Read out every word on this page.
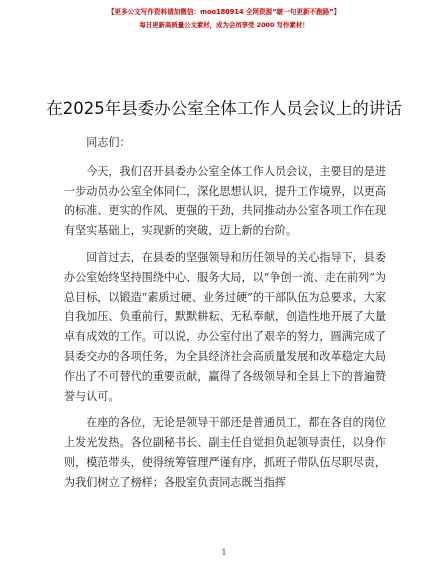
【更多公文写作资料请加微信：moo180914 全网资源“啵一句更新不跑路”】
每日更新高质量公文素材，成为会员享受 2000 写作素材！
在2025年县委办公室全体工作人员会议上的讲话

同志们：

今天，我们召开县委办公室全体工作人员会议，主要目的是进一步动员办公室全体同仁，深化思想认识，提升工作境界，以更高的标准、更实的作风、更强的干劲，共同推动办公室各项工作在现有坚实基础上，实现新的突破，迈上新的台阶。

回首过去，在县委的坚强领导和历任领导的关心指导下，县委办公室始终坚持围绕中心、服务大局，以“争创一流、走在前列”为总目标，以锻造“素质过硬、业务过硬”的干部队伍为总要求，大家自我加压、负重前行，默默耕耘、无私奉献，创造性地开展了大量卓有成效的工作。可以说，办公室付出了艰辛的努力，圆满完成了县委交办的各项任务，为全县经济社会高质量发展和改革稳定大局作出了不可替代的重要贡献，赢得了各级领导和全县上下的普遍赞誉与认可。

在座的各位，无论是领导干部还是普通员工，都在各自的岗位上发光发热。各位副秘书长、副主任自觉担负起领导责任，以身作则，模范带头，使得统筹管理严谨有序，抓班子带队伍尽职尽责，为我们树立了榜样；各股室负责同志既当指挥

1
